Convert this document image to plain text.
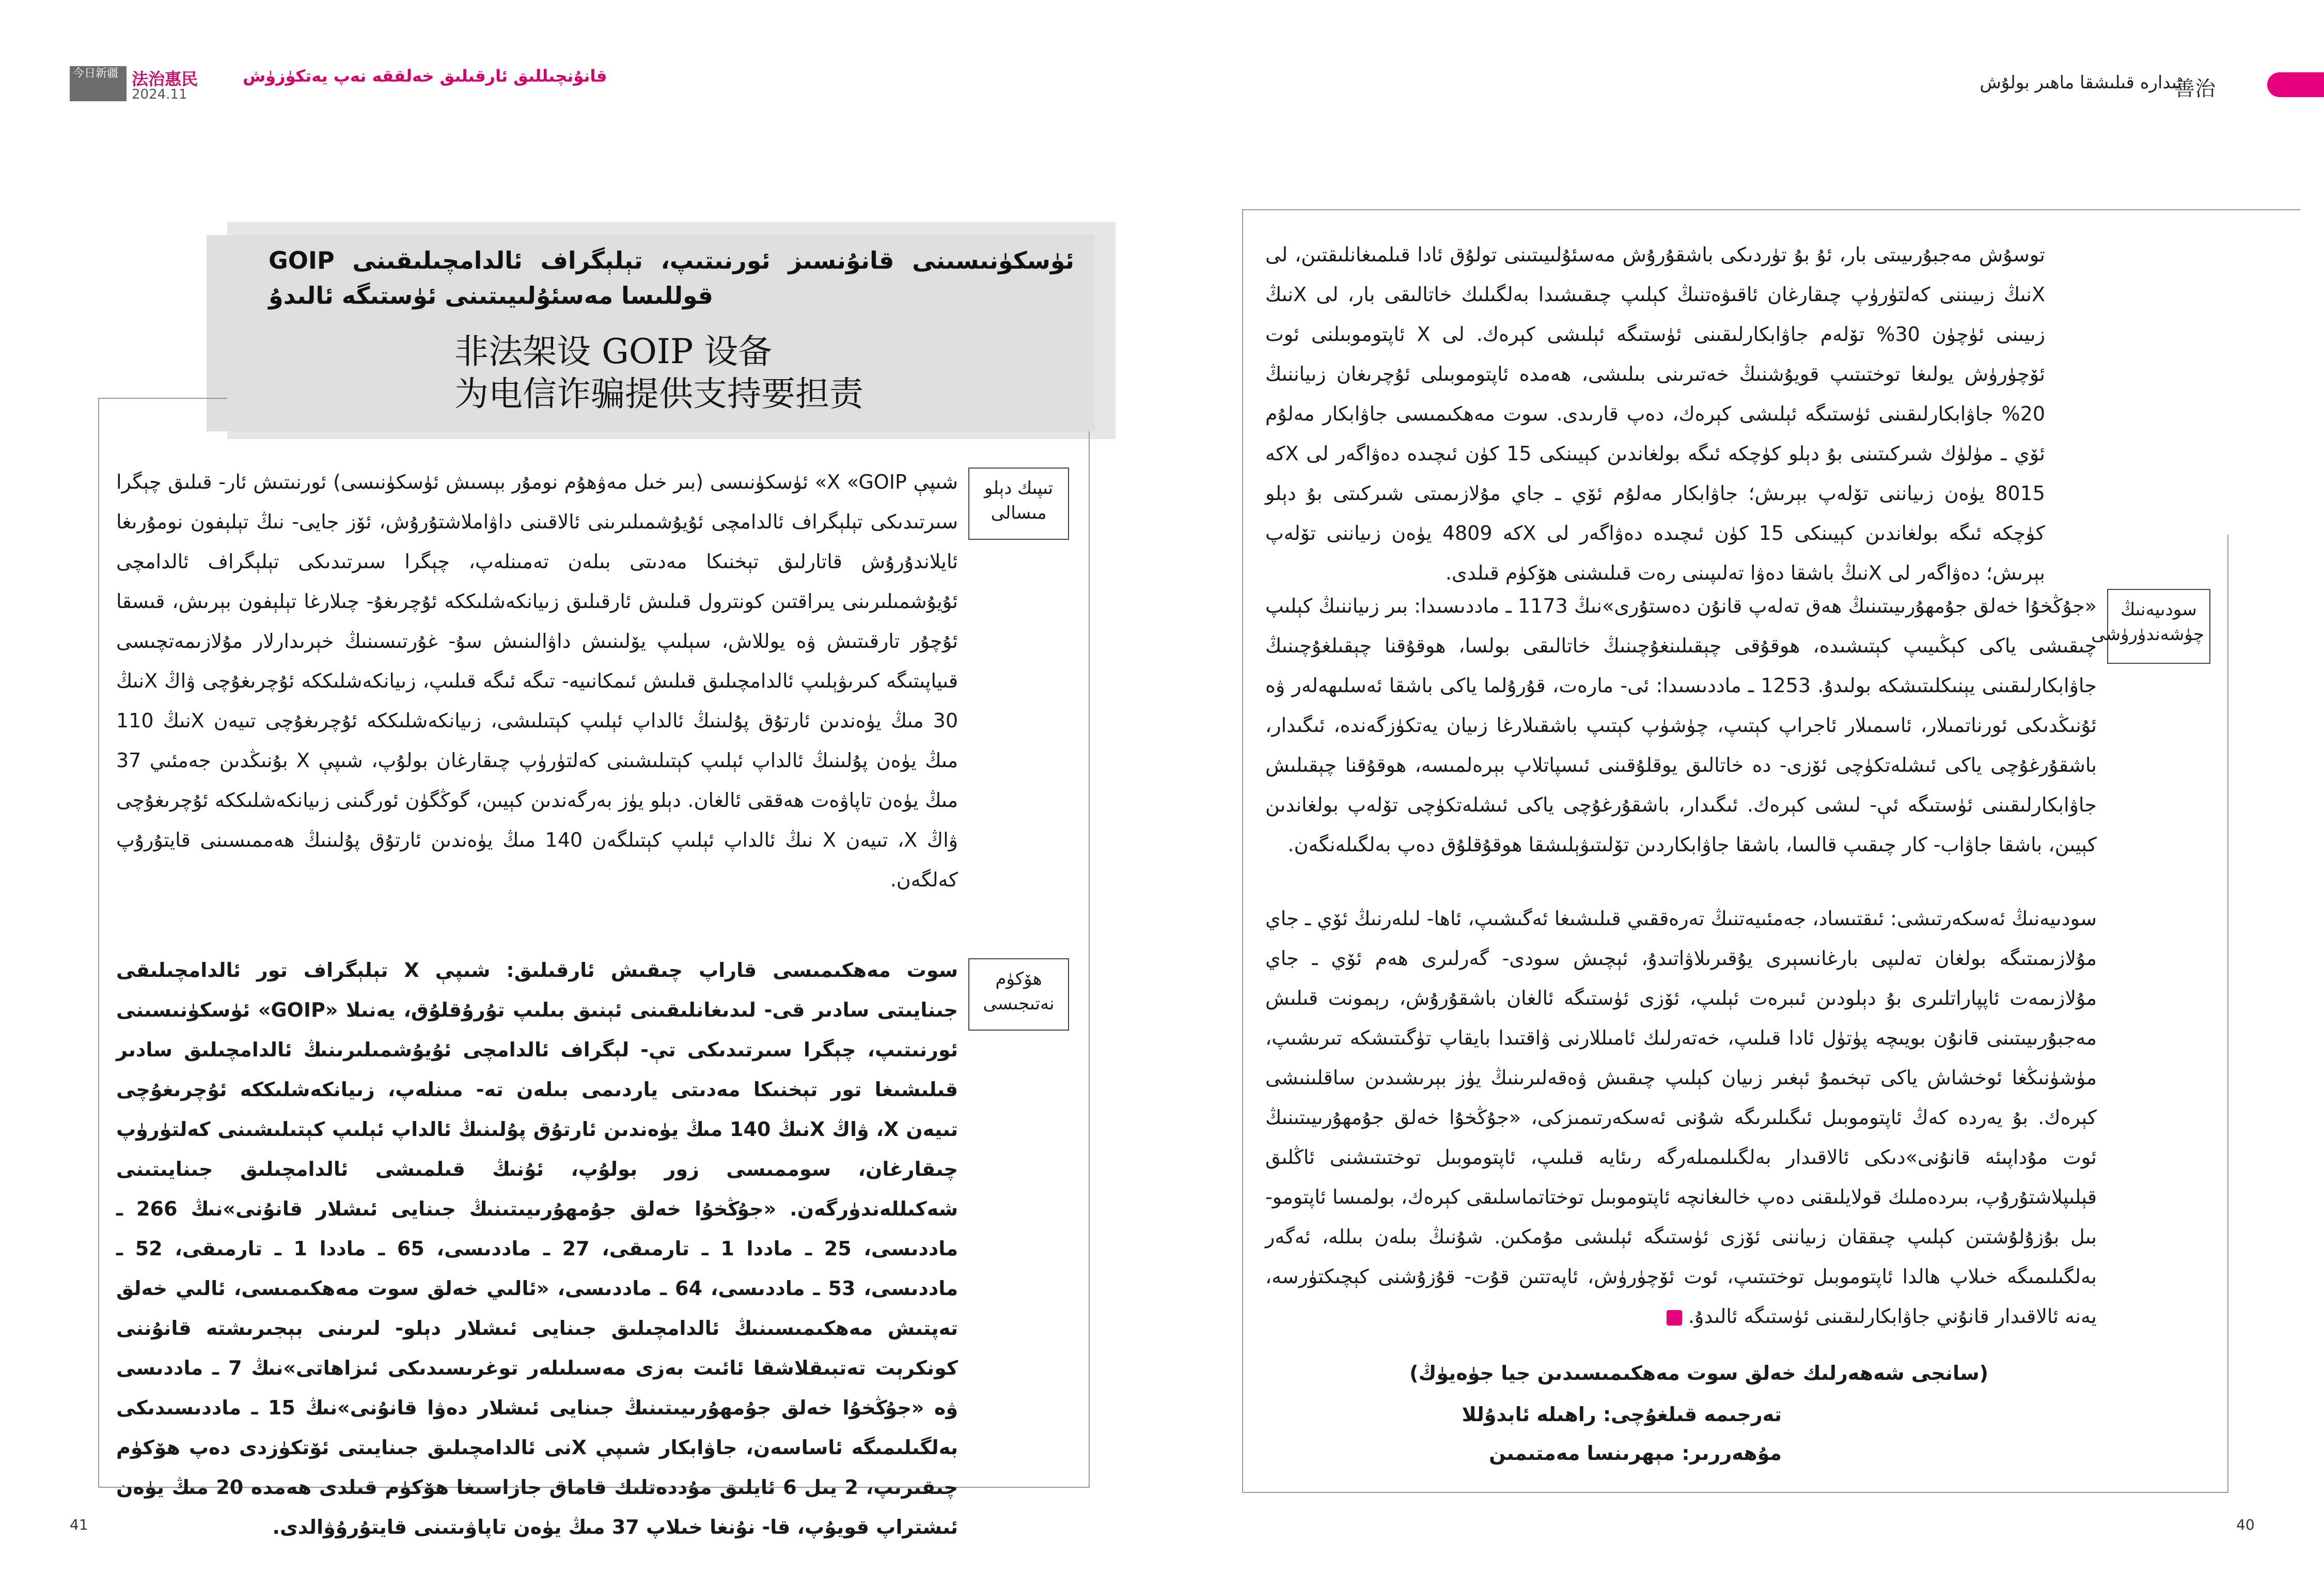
今日新疆 法治惠民
2024.11
قانۇنچىللىق ئارقىلىق خەلققە نەپ يەتكۈزۈش	ئىدارە قىلىشقا ماھىر بولۇش
善治
GOIP ئۈسكۈنىسىنى قانۇنسىز ئورنىتىپ، تېلېگراف ئالدامچىلىقىنى قوللىسا مەسئۇلىيىتىنى ئۈستىگە ئالىدۇ
非法架设 GOIP 设备
为电信诈骗提供支持要担责
تىپىك دېلو مىسالى
ھۆكۈم نەتىجىسى
شىپې X «GOIP» ئۈسكۈنىسى (بىر خىل مەۋھۇم نومۇر بېسىش ئۈسكۈنىسى) ئورنىتىش ئار- قىلىق چېگرا سىرتىدىكى تېلېگراف ئالدامچى ئۇيۇشمىلىرىنى ئالاقىنى داۋاملاشتۇرۇش، ئۆز جايى- نىڭ تېلېفون نومۇرىغا ئايلاندۇرۇش قاتارلىق تېخنىكا مەدىتى بىلەن تەمىنلەپ، چېگرا سىرتىدىكى تېلېگراف ئالدامچى ئۇيۇشمىلىرىنى يىراقتىن كونترول قىلىش ئارقىلىق زىيانكەشلىككە ئۇچرىغۇ- چىلارغا تېلېفون بېرىش، قىسقا ئۇچۇر تارقىتىش ۋە يوللاش، سېلىپ يۆلىنىش داۋالىنىش سۇ- غۇرتىسىنىڭ خېرىدارلار مۇلازىمەتچىسى قىياپىتىگە كىرىۋېلىپ ئالدامچىلىق قىلىش ئىمكانىيە- تىگە ئىگە قىلىپ، زىيانكەشلىككە ئۇچرىغۇچى ۋاڭ Xنىڭ 30 مىڭ يۈەندىن ئارتۇق پۇلىنىڭ ئالداپ ئېلىپ كېتىلىشى، زىيانكەشلىككە ئۇچرىغۇچى تىيەن Xنىڭ 110 مىڭ يۈەن پۇلىنىڭ ئالداپ ئېلىپ كېتىلىشىنى كەلتۈرۈپ چىقارغان بولۇپ، شىپې X بۇنىڭدىن جەمئىي 37 مىڭ يۈەن تاپاۋەت ھەققى ئالغان. دېلو يۈز بەرگەندىن كېيىن، گوڭگۈن ئورگىنى زىيانكەشلىككە ئۇچرىغۇچى ۋاڭ X، تىيەن X نىڭ ئالداپ ئېلىپ كېتىلگەن 140 مىڭ يۈەندىن ئارتۇق پۇلىنىڭ ھەممىسىنى قايتۇرۇپ كەلگەن.
سوت مەھكىمىسى قاراپ چىقىش ئارقىلىق: شىپې X تېلېگراف تور ئالدامچىلىقى جىنايىتى سادىر قى- لىدىغانلىقىنى ئېنىق بىلىپ تۇرۇقلۇق، يەنىلا «GOIP» ئۈسكۈنىسىنى ئورنىتىپ، چېگرا سىرتىدىكى تې- لېگراف ئالدامچى ئۇيۇشمىلىرىنىڭ ئالدامچىلىق سادىر قىلىشىغا تور تېخنىكا مەدىتى ياردىمى بىلەن تە- مىنلەپ، زىيانكەشلىككە ئۇچرىغۇچى تىيەن X، ۋاڭ Xنىڭ 140 مىڭ يۈەندىن ئارتۇق پۇلىنىڭ ئالداپ ئېلىپ كېتىلىشىنى كەلتۈرۈپ چىقارغان، سوممىسى زور بولۇپ، ئۇنىڭ قىلمىشى ئالدامچىلىق جىنايىتىنى شەكىللەندۈرگەن. «جۇڭخۇا خەلق جۇمھۇرىيىتىنىڭ جىنايى ئىشلار قانۇنى»نىڭ 266 ـ ماددىسى، 25 ـ ماددا 1 ـ تارمىقى، 27 ـ ماددىسى، 65 ـ ماددا 1 ـ تارمىقى، 52 ـ ماددىسى، 53 ـ ماددىسى، 64 ـ ماددىسى، «ئالىي خەلق سوت مەھكىمىسى، ئالىي خەلق تەپتىش مەھكىمىسىنىڭ ئالدامچىلىق جىنايى ئىشلار دېلو- لىرىنى بېجىرىشتە قانۇننى كونكرېت تەتبىقلاشقا ئائىت بەزى مەسىلىلەر توغرىسىدىكى ئىزاھاتى»نىڭ 7 ـ ماددىسى ۋە «جۇڭخۇا خەلق جۇمھۇرىيىتىنىڭ جىنايى ئىشلار دەۋا قانۇنى»نىڭ 15 ـ ماددىسىدىكى بەلگىلىمىگە ئاساسەن، جاۋابكار شىپې Xنى ئالدامچىلىق جىنايىتى ئۆتكۈزدى دەپ ھۆكۈم چىقىرىپ، 2 يىل 6 ئايلىق مۇددەتلىك قاماق جازاسىغا ھۆكۈم قىلدى ھەمدە 20 مىڭ يۈەن ئىشتراپ قويۇپ، قا- نۇنغا خىلاپ 37 مىڭ يۈەن تاپاۋىتىنى قايتۇرۇۋالدى.
توسۇش مەجبۇرىيىتى بار، ئۇ بۇ تۈردىكى باشقۇرۇش مەسئۇلىيىتىنى تولۇق ئادا قىلمىغانلىقتىن، لى Xنىڭ زىيىننى كەلتۈرۈپ چىقارغان ئاقىۋەتنىڭ كېلىپ چىقىشىدا بەلگىلىك خاتالىقى بار، لى Xنىڭ زىيىنى ئۈچۈن 30% تۆلەم جاۋابكارلىقىنى ئۈستىگە ئېلىشى كېرەك. لى X ئاپتوموبىلنى ئوت ئۆچۈرۈش يولىغا توختىتىپ قويۇشنىڭ خەتىرىنى بىلىشى، ھەمدە ئاپتوموبىلى ئۇچرىغان زىياننىڭ 20% جاۋابكارلىقىنى ئۈستىگە ئېلىشى كېرەك، دەپ قارىدى. سوت مەھكىمىسى جاۋابكار مەلۇم ئۆي ـ مۈلۈك شىركىتىنى بۇ دېلو كۈچكە ئىگە بولغاندىن كېيىنكى 15 كۈن ئىچىدە دەۋاگەر لى Xكە 8015 يۈەن زىياننى تۆلەپ بېرىش؛ جاۋابكار مەلۇم ئۆي ـ جاي مۇلازىمىتى شىركىتى بۇ دېلو كۈچكە ئىگە بولغاندىن كېيىنكى 15 كۈن ئىچىدە دەۋاگەر لى Xكە 4809 يۈەن زىياننى تۆلەپ بېرىش؛ دەۋاگەر لى Xنىڭ باشقا دەۋا تەلىپىنى رەت قىلىشنى ھۆكۈم قىلدى.
سودىيەنىڭ چۈشەندۈرۈشى
«جۇڭخۇا خەلق جۇمھۇرىيىتىنىڭ ھەق تەلەپ قانۇن دەستۇرى»نىڭ 1173 ـ ماددىسىدا: بىر زىياننىڭ كېلىپ چىقىشى ياكى كېڭىيىپ كېتىشىدە، ھوقۇقى چېقىلىنغۇچىنىڭ خاتالىقى بولسا، ھوقۇقنا چېقىلغۇچىنىڭ جاۋابكارلىقىنى يېنىكلىتىشكە بولىدۇ. 1253 ـ ماددىسىدا: ئى- مارەت، قۇرۇلما ياكى باشقا ئەسلىھەلەر ۋە ئۇنىڭدىكى ئورناتمىلار، ئاسمىلار ئاجراپ كېتىپ، چۈشۈپ كېتىپ باشقىلارغا زىيان يەتكۈزگەندە، ئىگىدار، باشقۇرغۇچى ياكى ئىشلەتكۈچى ئۆزى- دە خاتالىق يوقلۇقىنى ئىسپاتلاپ بېرەلمىسە، ھوقۇقنا چېقىلىش جاۋابكارلىقىنى ئۈستىگە ئې- لىشى كېرەك. ئىگىدار، باشقۇرغۇچى ياكى ئىشلەتكۈچى تۆلەپ بولغاندىن كېيىن، باشقا جاۋاب- كار چىقىپ قالسا، باشقا جاۋابكاردىن تۆلىتىۋېلىشقا ھوقۇقلۇق دەپ بەلگىلەنگەن.
سودىيەنىڭ ئەسكەرتىشى: ئىقتىساد، جەمئىيەتنىڭ تەرەققىي قىلىشىغا ئەگىشىپ، ئاھا- لىلەرنىڭ ئۆي ـ جاي مۇلازىمىتىگە بولغان تەلىپى بارغانسېرى يۇقىرىلاۋاتىدۇ، ئېچىش سودى- گەرلىرى ھەم ئۆي ـ جاي مۇلازىمەت ئاپپاراتلىرى بۇ دېلودىن ئىبرەت ئېلىپ، ئۆزى ئۈستىگە ئالغان باشقۇرۇش، رېمونت قىلىش مەجبۇرىيىتىنى قانۇن بويىچە پۈتۈل ئادا قىلىپ، خەتەرلىك ئامىللارنى ۋاقتىدا بايقاپ تۈگىتىشكە تىرىشىپ، مۈشۈنىڭغا ئوخشاش ياكى تېخىمۇ ئېغىر زىيان كېلىپ چىقىش ۋەقەلىرىنىڭ يۈز بېرىشىدىن ساقلىنىشى كېرەك. بۇ يەردە كەڭ ئاپتوموبىل ئىگىلىرىگە شۇنى ئەسكەرتىمىزكى، «جۇڭخۇا خەلق جۇمھۇرىيىتىنىڭ ئوت مۇداپىئە قانۇنى»دىكى ئالاقىدار بەلگىلىمىلەرگە رىئايە قىلىپ، ئاپتوموبىل توختىتىشنى ئاڭلىق قېلىپلاشتۇرۇپ، بىردەملىك قولايلىقنى دەپ خالىغانچە ئاپتوموبىل توختاتماسلىقى كېرەك، بولمىسا ئاپتومو- بىل بۇزۇلۇشتىن كېلىپ چىققان زىياننى ئۆزى ئۈستىگە ئېلىشى مۇمكىن. شۇنىڭ بىلەن بىللە، ئەگەر بەلگىلىمىگە خىلاپ ھالدا ئاپتوموبىل توختىتىپ، ئوت ئۆچۈرۈش، ئاپەتتىن قۇت- قۇزۇشنى كېچىكتۈرسە، يەنە ئالاقىدار قانۇني جاۋابكارلىقىنى ئۈستىگە ئالىدۇ.
(سانجى شەھەرلىك خەلق سوت مەھكىمىسىدىن جيا جۈەيۈڭ)
تەرجىمە قىلغۇچى: راھىلە ئابدۇللا
مۇھەررىر: مېھرىنسا مەمتىمىن
41	40
